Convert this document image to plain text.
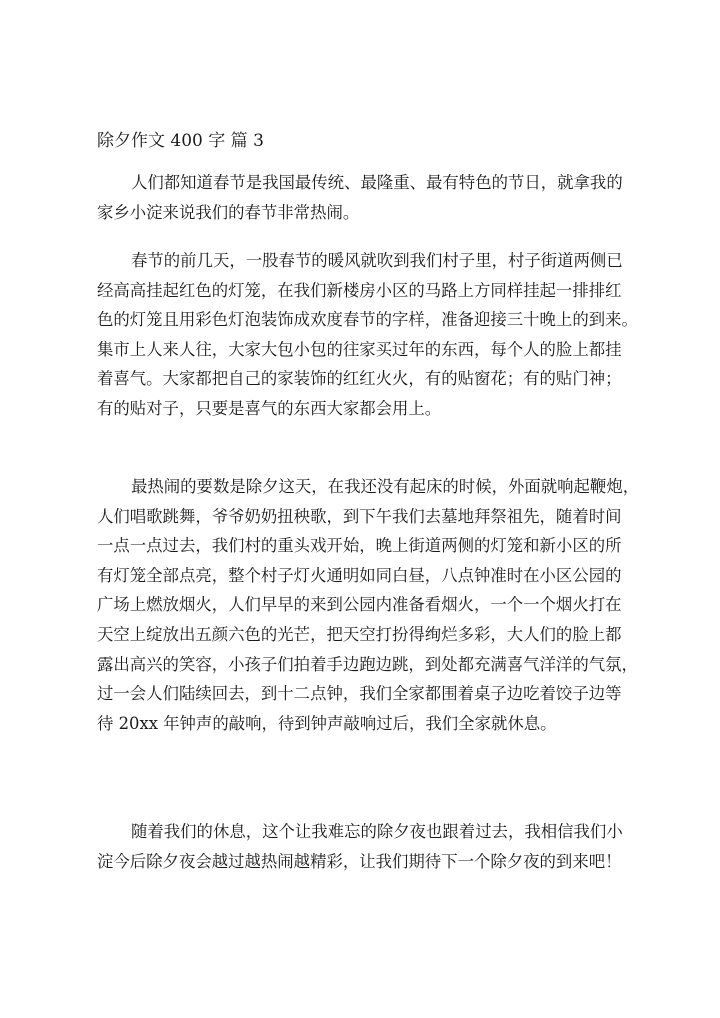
除夕作文 400 字 篇 3
人们都知道春节是我国最传统、最隆重、最有特色的节日，就拿我的
家乡小淀来说我们的春节非常热闹。
春节的前几天，一股春节的暖风就吹到我们村子里，村子街道两侧已
经高高挂起红色的灯笼，在我们新楼房小区的马路上方同样挂起一排排红
色的灯笼且用彩色灯泡装饰成欢度春节的字样，准备迎接三十晚上的到来。
集市上人来人往，大家大包小包的往家买过年的东西，每个人的脸上都挂
着喜气。大家都把自己的家装饰的红红火火，有的贴窗花；有的贴门神；
有的贴对子，只要是喜气的东西大家都会用上。
最热闹的要数是除夕这天，在我还没有起床的时候，外面就响起鞭炮，
人们唱歌跳舞，爷爷奶奶扭秧歌，到下午我们去墓地拜祭祖先，随着时间
一点一点过去，我们村的重头戏开始，晚上街道两侧的灯笼和新小区的所
有灯笼全部点亮，整个村子灯火通明如同白昼，八点钟准时在小区公园的
广场上燃放烟火，人们早早的来到公园内准备看烟火，一个一个烟火打在
天空上绽放出五颜六色的光芒，把天空打扮得绚烂多彩，大人们的脸上都
露出高兴的笑容，小孩子们拍着手边跑边跳，到处都充满喜气洋洋的气氛，
过一会人们陆续回去，到十二点钟，我们全家都围着桌子边吃着饺子边等
待 20xx 年钟声的敲响，待到钟声敲响过后，我们全家就休息。
随着我们的休息，这个让我难忘的除夕夜也跟着过去，我相信我们小
淀今后除夕夜会越过越热闹越精彩，让我们期待下一个除夕夜的到来吧！
